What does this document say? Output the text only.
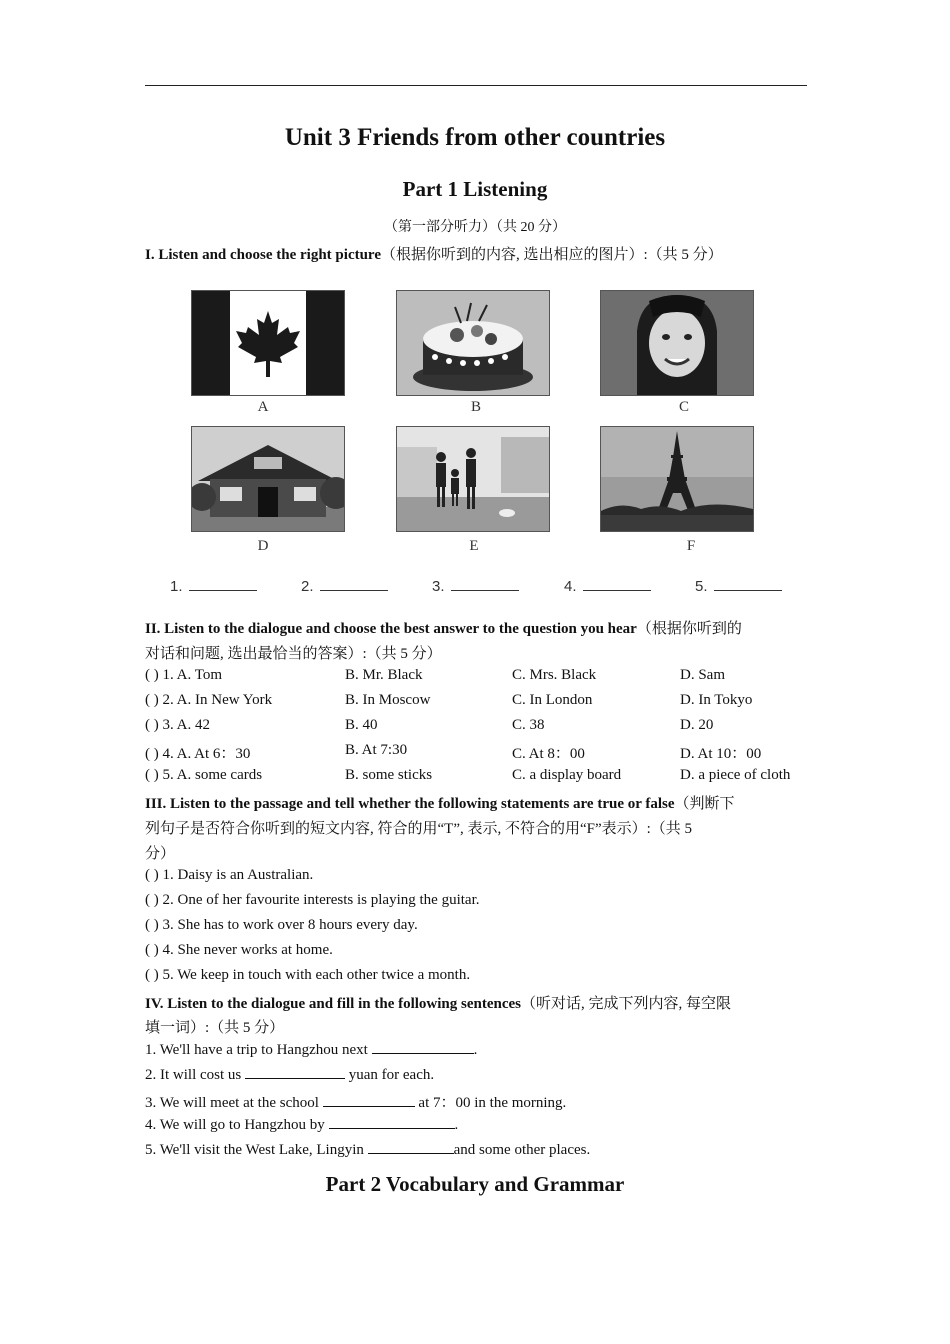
Unit 3 Friends from other countries
Part 1 Listening
（第一部分听力）（共 20 分）
I. Listen and choose the right picture（根据你听到的内容, 选出相应的图片）:（共 5 分）
A	B	C
D	E	F
1.	2.	3.	4.	5.
II. Listen to the dialogue and choose the best answer to the question you hear（根据你听到的
对话和问题, 选出最恰当的答案）:（共 5 分）
( ) 1. A. Tom	B. Mr. Black	C. Mrs. Black	D. Sam
( ) 2. A. In New York	B. In Moscow	C. In London	D. In Tokyo
( ) 3. A. 42	B. 40	C. 38	D. 20
( ) 4. A. At 6：30	B. At 7:30	C. At 8：00	D. At 10：00
( ) 5. A. some cards	B. some sticks	C. a display board	D. a piece of cloth
III. Listen to the passage and tell whether the following statements are true or false（判断下
列句子是否符合你听到的短文内容, 符合的用“T”, 表示, 不符合的用“F”表示）:（共 5
分）
( ) 1. Daisy is an Australian.
( ) 2. One of her favourite interests is playing the guitar.
( ) 3. She has to work over 8 hours every day.
( ) 4. She never works at home.
( ) 5. We keep in touch with each other twice a month.
IV. Listen to the dialogue and fill in the following sentences（听对话, 完成下列内容, 每空限
填一词）:（共 5 分）
1. We'll have a trip to Hangzhou next	.
2. It will cost us	yuan for each.
3. We will meet at the school	at 7：00 in the morning.
4. We will go to Hangzhou by	.
5. We'll visit the West Lake, Lingyin	and some other places.
Part 2 Vocabulary and Grammar
